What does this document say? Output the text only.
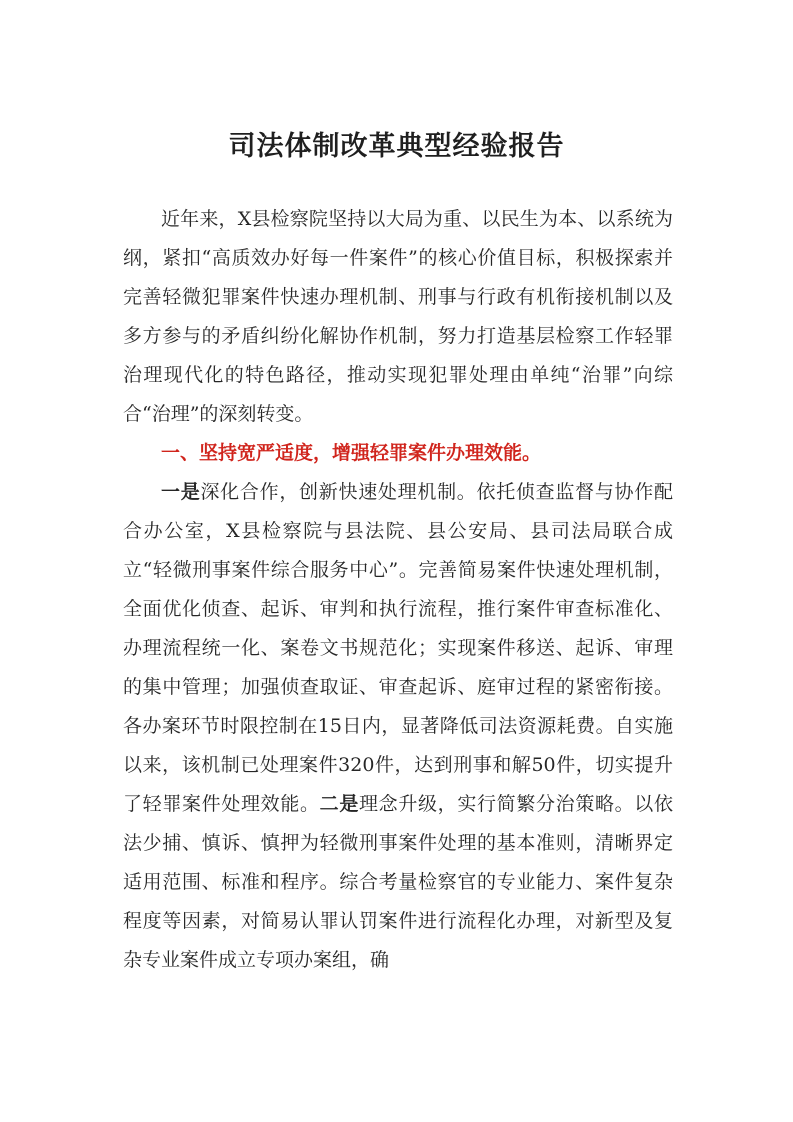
司法体制改革典型经验报告

近年来，X县检察院坚持以大局为重、以民生为本、以系统为纲，紧扣“高质效办好每一件案件”的核心价值目标，积极探索并完善轻微犯罪案件快速办理机制、刑事与行政有机衔接机制以及多方参与的矛盾纠纷化解协作机制，努力打造基层检察工作轻罪治理现代化的特色路径，推动实现犯罪处理由单纯“治罪”向综合“治理”的深刻转变。

一、坚持宽严适度，增强轻罪案件办理效能。

一是深化合作，创新快速处理机制。依托侦查监督与协作配合办公室，X县检察院与县法院、县公安局、县司法局联合成立“轻微刑事案件综合服务中心”。完善简易案件快速处理机制，全面优化侦查、起诉、审判和执行流程，推行案件审查标准化、办理流程统一化、案卷文书规范化；实现案件移送、起诉、审理的集中管理；加强侦查取证、审查起诉、庭审过程的紧密衔接。各办案环节时限控制在15日内，显著降低司法资源耗费。自实施以来，该机制已处理案件320件，达到刑事和解50件，切实提升了轻罪案件处理效能。二是理念升级，实行简繁分治策略。以依法少捕、慎诉、慎押为轻微刑事案件处理的基本准则，清晰界定适用范围、标准和程序。综合考量检察官的专业能力、案件复杂程度等因素，对简易认罪认罚案件进行流程化办理，对新型及复杂专业案件成立专项办案组，确
